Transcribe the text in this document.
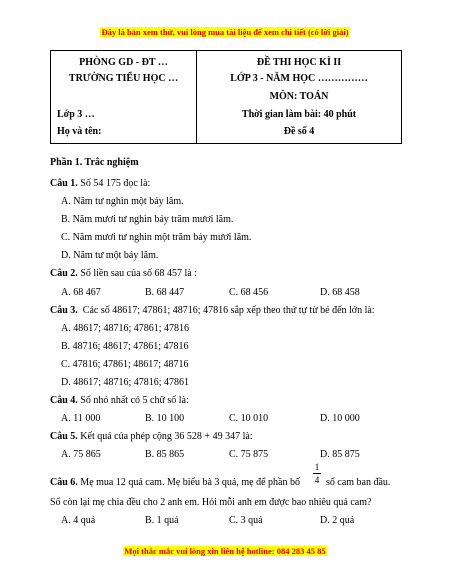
Đây là bản xem thử, vui lòng mua tài liệu để xem chi tiết (có lời giải)
PHÒNG GD - ĐT …
TRƯỜNG TIỂU HỌC …
Lớp 3 …
Họ và tên:
ĐỀ THI HỌC KÌ II
LỚP 3 - NĂM HỌC ……………
MÔN: TOÁN
Thời gian làm bài: 40 phút
Đề số 4
Phần 1. Trắc nghiệm
Câu 1. Số 54 175 đọc là:
A. Năm tư nghìn một bảy lăm.
B. Năm mươi tư nghìn bảy trăm mươi lăm.
C. Năm mươi tư nghìn một trăm bảy mươi lăm.
D. Năm tư một bảy lăm.
Câu 2. Số liền sau của số 68 457 là :
A. 68 467	B. 68 447	C. 68 456	D. 68 458
Câu 3. Các số 48617; 47861; 48716; 47816 sắp xếp theo thứ tự từ bé đến lớn là:
A. 48617; 48716; 47861; 47816
B. 48716; 48617; 47861; 47816
C. 47816; 47861; 48617; 48716
D. 48617; 48716; 47816; 47861
Câu 4. Số nhỏ nhất có 5 chữ số là:
A. 11 000	B. 10 100	C. 10 010	D. 10 000
Câu 5. Kết quả của phép cộng 36 528 + 49 347 là:
A. 75 865	B. 85 865	C. 75 875	D. 85 875
Câu 6. Mẹ mua 12 quả cam. Mẹ biếu bà 3 quả, mẹ để phần bố
1
4 số cam ban đầu.
Số còn lại mẹ chia đều cho 2 anh em. Hỏi mỗi anh em được bao nhiêu quả cam?
A. 4 quả	B. 1 quả	C. 3 quả	D. 2 quả
Mọi thắc mắc vui lòng xin liên hệ hotline: 084 283 45 85
